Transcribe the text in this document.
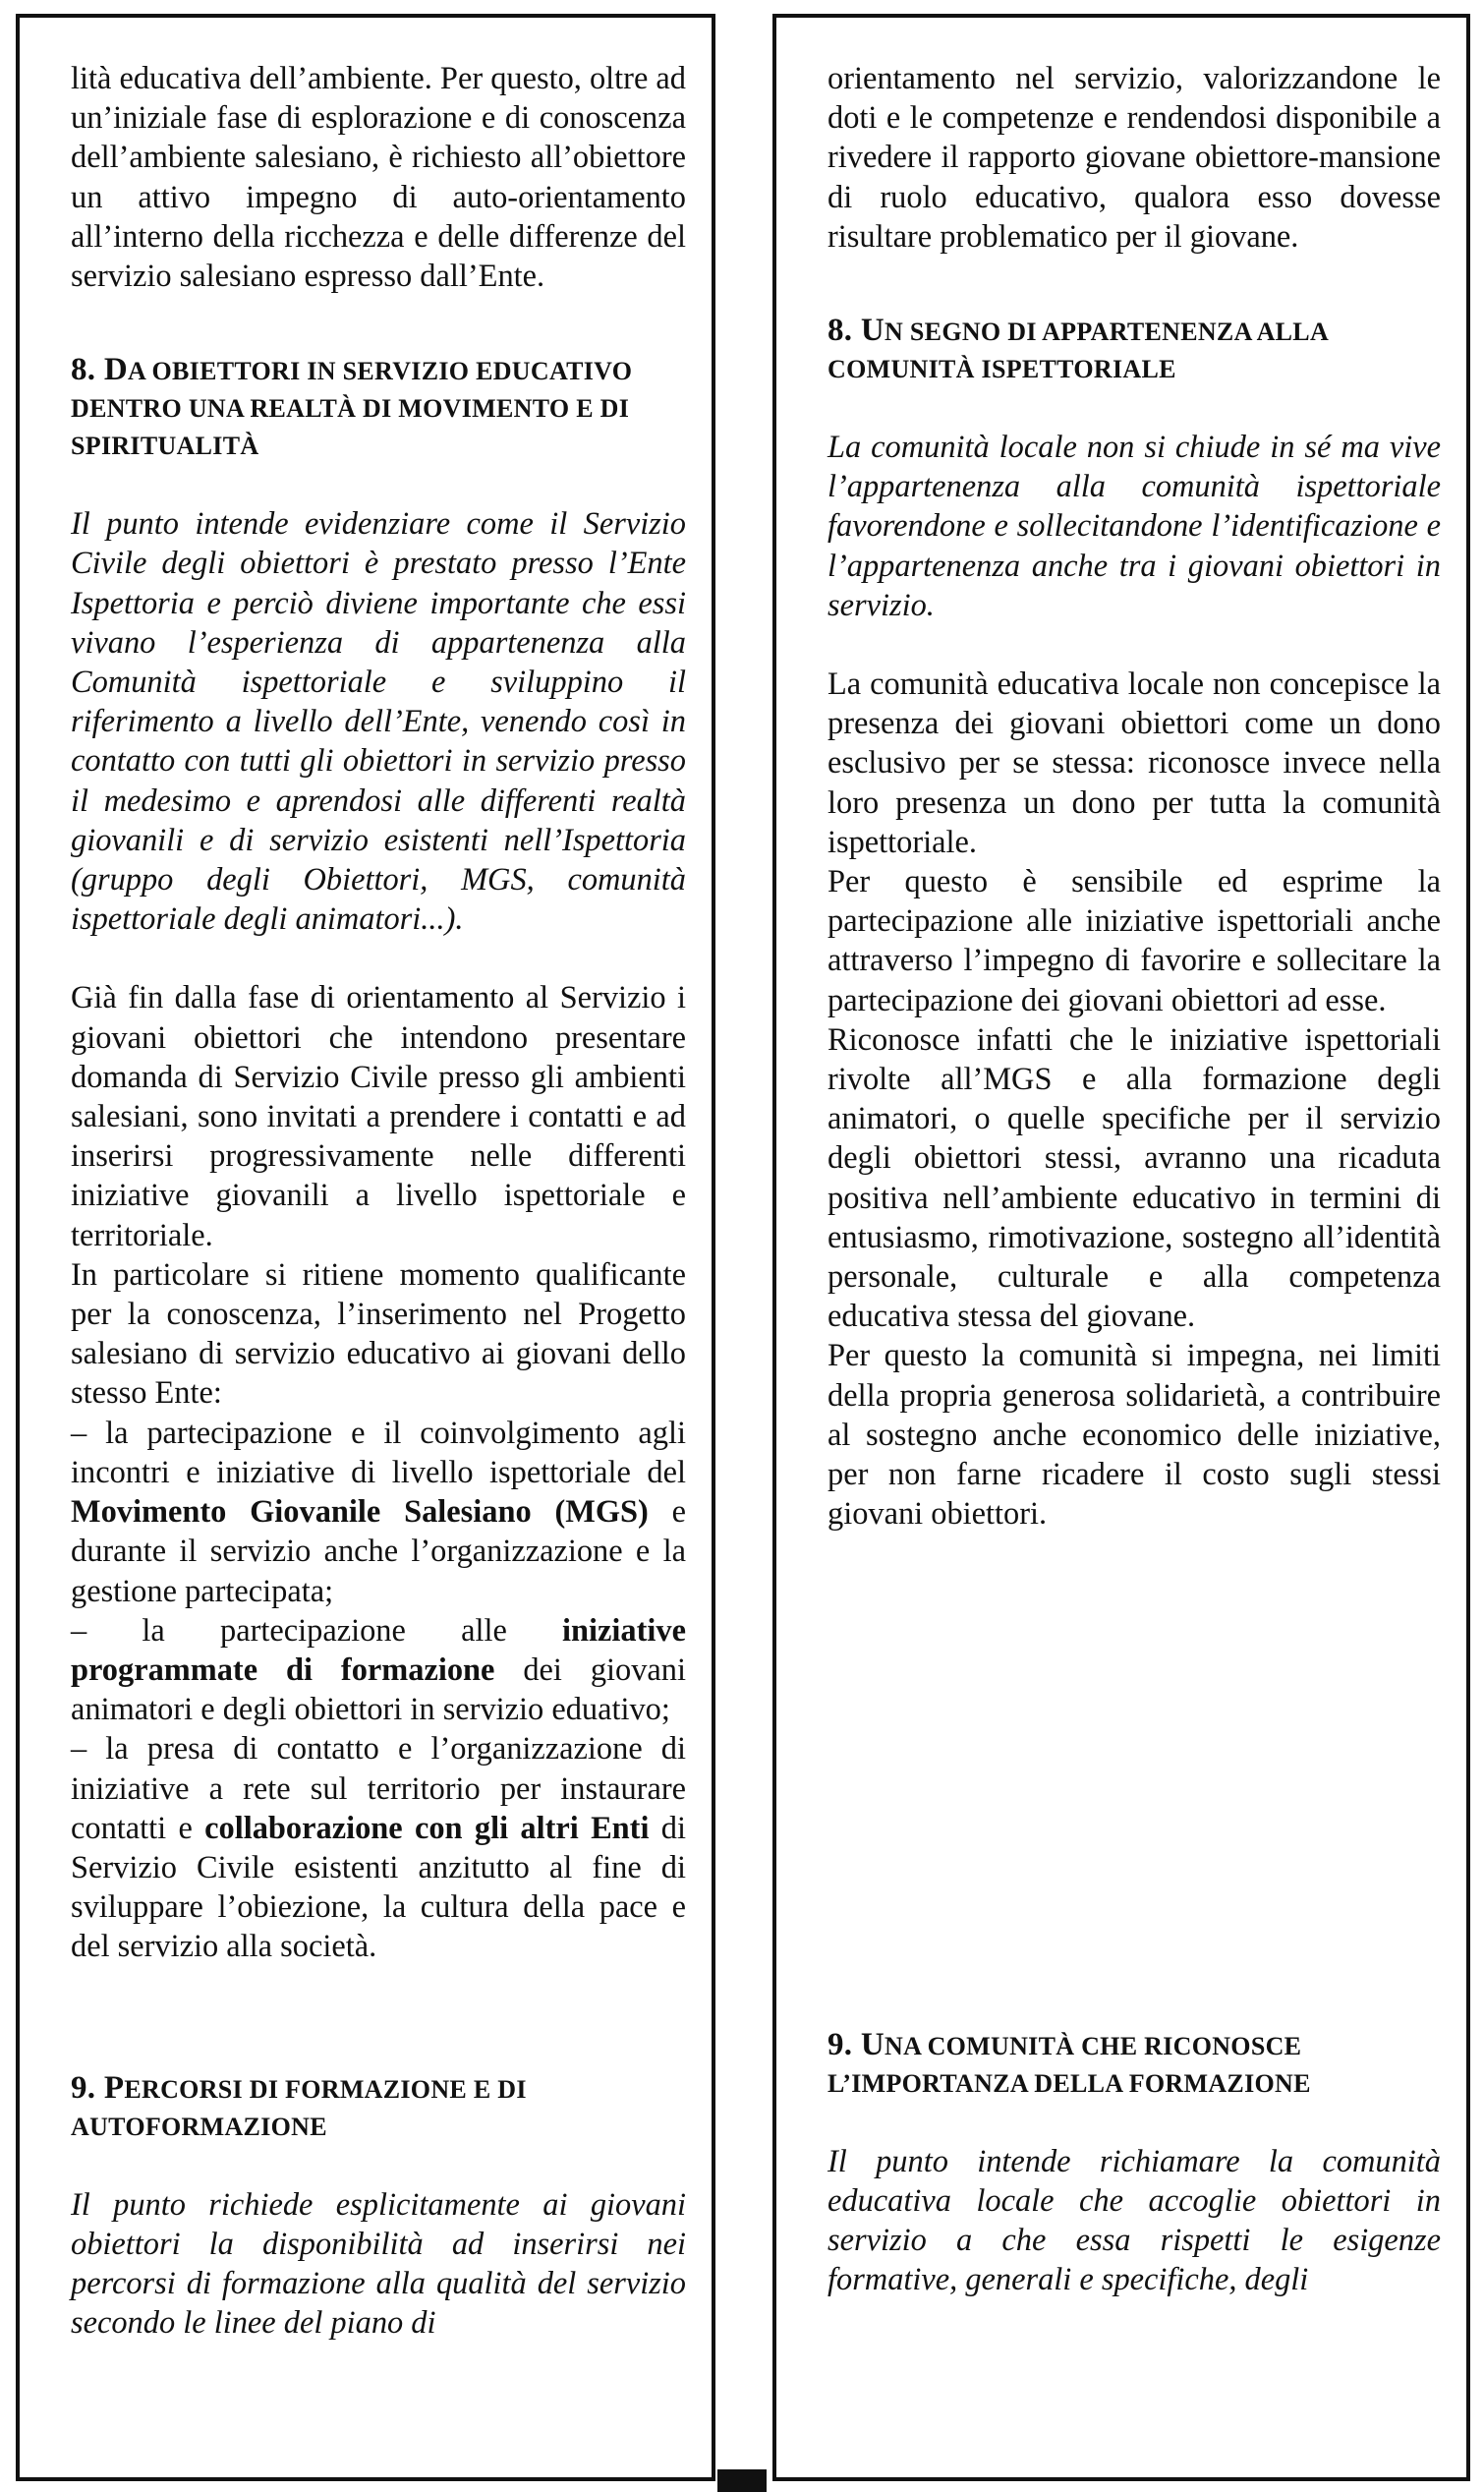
lità educativa dell’ambiente. Per questo, oltre ad un’iniziale fase di esplorazione e di conoscenza dell’ambiente salesiano, è richiesto all’obiettore un attivo impegno di auto-orientamento all’interno della ricchezza e delle differenze del servizio salesiano espresso dall’Ente.

8. DA OBIETTORI IN SERVIZIO EDUCATIVO DENTRO UNA REALTÀ DI MOVIMENTO E DI SPIRITUALITÀ

Il punto intende evidenziare come il Servizio Civile degli obiettori è prestato presso l’Ente Ispettoria e perciò diviene importante che essi vivano l’esperienza di appartenenza alla Comunità ispettoriale e sviluppino il riferimento a livello dell’Ente, venendo così in contatto con tutti gli obiettori in servizio presso il medesimo e aprendosi alle differenti realtà giovanili e di servizio esistenti nell’Ispettoria (gruppo degli Obiettori, MGS, comunità ispettoriale degli animatori...).

Già fin dalla fase di orientamento al Servizio i giovani obiettori che intendono presentare domanda di Servizio Civile presso gli ambienti salesiani, sono invitati a prendere i contatti e ad inserirsi progressivamente nelle differenti iniziative giovanili a livello ispettoriale e territoriale.

In particolare si ritiene momento qualificante per la conoscenza, l’inserimento nel Progetto salesiano di servizio educativo ai giovani dello stesso Ente:

– la partecipazione e il coinvolgimento agli incontri e iniziative di livello ispettoriale del Movimento Giovanile Salesiano (MGS) e durante il servizio anche l’organizzazione e la gestione partecipata;

– la partecipazione alle iniziative programmate di formazione dei giovani animatori e degli obiettori in servizio eduativo;

– la presa di contatto e l’organizzazione di iniziative a rete sul territorio per instaurare contatti e collaborazione con gli altri Enti di Servizio Civile esistenti anzitutto al fine di sviluppare l’obiezione, la cultura della pace e del servizio alla società.

9. PERCORSI DI FORMAZIONE E DI AUTOFORMAZIONE

Il punto richiede esplicitamente ai giovani obiettori la disponibilità ad inserirsi nei percorsi di formazione alla qualità del servizio secondo le linee del piano di

orientamento nel servizio, valorizzandone le doti e le competenze e rendendosi disponibile a rivedere il rapporto giovane obiettore-mansione di ruolo educativo, qualora esso dovesse risultare problematico per il giovane.

8. UN SEGNO DI APPARTENENZA ALLA COMUNITÀ ISPETTORIALE

La comunità locale non si chiude in sé ma vive l’appartenenza alla comunità ispettoriale favorendone e sollecitandone l’identificazione e l’appartenenza anche tra i giovani obiettori in servizio.

La comunità educativa locale non concepisce la presenza dei giovani obiettori come un dono esclusivo per se stessa: riconosce invece nella loro presenza un dono per tutta la comunità ispettoriale.

Per questo è sensibile ed esprime la partecipazione alle iniziative ispettoriali anche attraverso l’impegno di favorire e sollecitare la partecipazione dei giovani obiettori ad esse.

Riconosce infatti che le iniziative ispettoriali rivolte all’MGS e alla formazione degli animatori, o quelle specifiche per il servizio degli obiettori stessi, avranno una ricaduta positiva nell’ambiente educativo in termini di entusiasmo, rimotivazione, sostegno all’identità personale, culturale e alla competenza educativa stessa del giovane.

Per questo la comunità si impegna, nei limiti della propria generosa solidarietà, a contribuire al sostegno anche economico delle iniziative, per non farne ricadere il costo sugli stessi giovani obiettori.

9. UNA COMUNITÀ CHE RICONOSCE L’IMPORTANZA DELLA FORMAZIONE

Il punto intende richiamare la comunità educativa locale che accoglie obiettori in servizio a che essa rispetti le esigenze formative, generali e specifiche, degli
